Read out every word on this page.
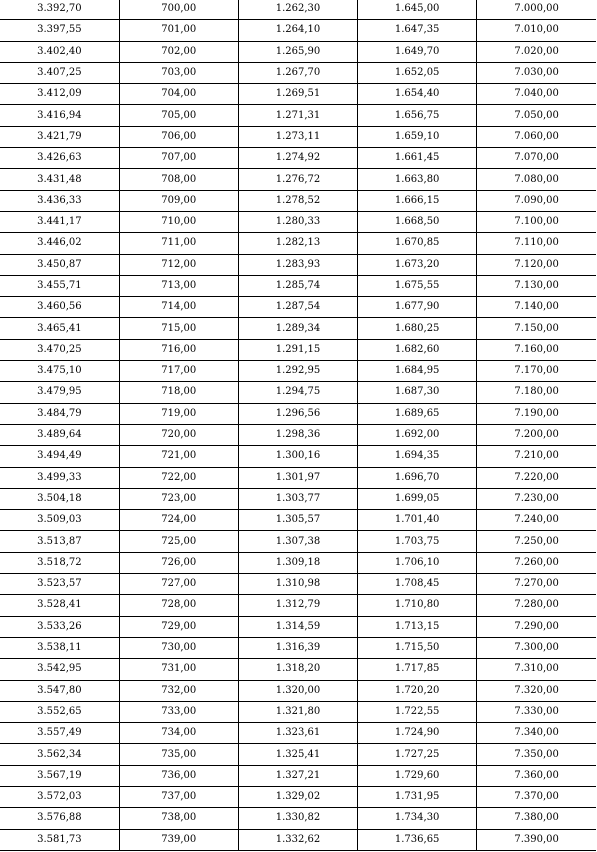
3.392,70	700,00	1.262,30	1.645,00	7.000,00
3.397,55	701,00	1.264,10	1.647,35	7.010,00
3.402,40	702,00	1.265,90	1.649,70	7.020,00
3.407,25	703,00	1.267,70	1.652,05	7.030,00
3.412,09	704,00	1.269,51	1.654,40	7.040,00
3.416,94	705,00	1.271,31	1.656,75	7.050,00
3.421,79	706,00	1.273,11	1.659,10	7.060,00
3.426,63	707,00	1.274,92	1.661,45	7.070,00
3.431,48	708,00	1.276,72	1.663,80	7.080,00
3.436,33	709,00	1.278,52	1.666,15	7.090,00
3.441,17	710,00	1.280,33	1.668,50	7.100,00
3.446,02	711,00	1.282,13	1.670,85	7.110,00
3.450,87	712,00	1.283,93	1.673,20	7.120,00
3.455,71	713,00	1.285,74	1.675,55	7.130,00
3.460,56	714,00	1.287,54	1.677,90	7.140,00
3.465,41	715,00	1.289,34	1.680,25	7.150,00
3.470,25	716,00	1.291,15	1.682,60	7.160,00
3.475,10	717,00	1.292,95	1.684,95	7.170,00
3.479,95	718,00	1.294,75	1.687,30	7.180,00
3.484,79	719,00	1.296,56	1.689,65	7.190,00
3.489,64	720,00	1.298,36	1.692,00	7.200,00
3.494,49	721,00	1.300,16	1.694,35	7.210,00
3.499,33	722,00	1.301,97	1.696,70	7.220,00
3.504,18	723,00	1.303,77	1.699,05	7.230,00
3.509,03	724,00	1.305,57	1.701,40	7.240,00
3.513,87	725,00	1.307,38	1.703,75	7.250,00
3.518,72	726,00	1.309,18	1.706,10	7.260,00
3.523,57	727,00	1.310,98	1.708,45	7.270,00
3.528,41	728,00	1.312,79	1.710,80	7.280,00
3.533,26	729,00	1.314,59	1.713,15	7.290,00
3.538,11	730,00	1.316,39	1.715,50	7.300,00
3.542,95	731,00	1.318,20	1.717,85	7.310,00
3.547,80	732,00	1.320,00	1.720,20	7.320,00
3.552,65	733,00	1.321,80	1.722,55	7.330,00
3.557,49	734,00	1.323,61	1.724,90	7.340,00
3.562,34	735,00	1.325,41	1.727,25	7.350,00
3.567,19	736,00	1.327,21	1.729,60	7.360,00
3.572,03	737,00	1.329,02	1.731,95	7.370,00
3.576,88	738,00	1.330,82	1.734,30	7.380,00
3.581,73	739,00	1.332,62	1.736,65	7.390,00
